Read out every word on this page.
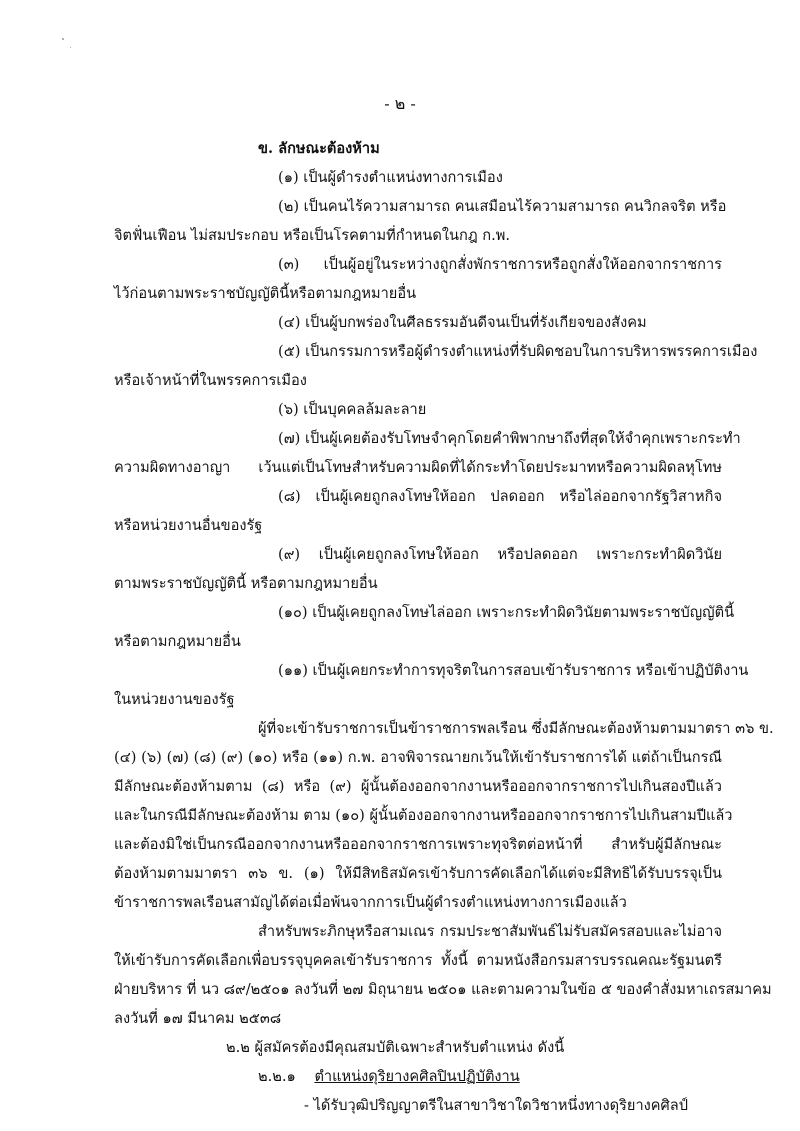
- ๒ -
ข. ลักษณะต้องห้าม
(๑) เป็นผู้ดำรงตำแหน่งทางการเมือง
(๒) เป็นคนไร้ความสามารถ คนเสมือนไร้ความสามารถ คนวิกลจริต หรือ
จิตฟั่นเฟือน ไม่สมประกอบ หรือเป็นโรคตามที่กำหนดในกฎ ก.พ.
(๓) เป็นผู้อยู่ในระหว่างถูกสั่งพักราชการหรือถูกสั่งให้ออกจากราชการ
ไว้ก่อนตามพระราชบัญญัตินี้หรือตามกฎหมายอื่น
(๔) เป็นผู้บกพร่องในศีลธรรมอันดีจนเป็นที่รังเกียจของสังคม
(๕) เป็นกรรมการหรือผู้ดำรงตำแหน่งที่รับผิดชอบในการบริหารพรรคการเมือง
หรือเจ้าหน้าที่ในพรรคการเมือง
(๖) เป็นบุคคลล้มละลาย
(๗) เป็นผู้เคยต้องรับโทษจำคุกโดยคำพิพากษาถึงที่สุดให้จำคุกเพราะกระทำ
ความผิดทางอาญา เว้นแต่เป็นโทษสำหรับความผิดที่ได้กระทำโดยประมาทหรือความผิดลหุโทษ
(๘) เป็นผู้เคยถูกลงโทษให้ออก ปลดออก หรือไล่ออกจากรัฐวิสาหกิจ
หรือหน่วยงานอื่นของรัฐ
(๙) เป็นผู้เคยถูกลงโทษให้ออก หรือปลดออก เพราะกระทำผิดวินัย
ตามพระราชบัญญัตินี้ หรือตามกฎหมายอื่น
(๑๐) เป็นผู้เคยถูกลงโทษไล่ออก เพราะกระทำผิดวินัยตามพระราชบัญญัตินี้
หรือตามกฎหมายอื่น
(๑๑) เป็นผู้เคยกระทำการทุจริตในการสอบเข้ารับราชการ หรือเข้าปฏิบัติงาน
ในหน่วยงานของรัฐ
ผู้ที่จะเข้ารับราชการเป็นข้าราชการพลเรือน ซึ่งมีลักษณะต้องห้ามตามมาตรา ๓๖ ข.
(๔) (๖) (๗) (๘) (๙) (๑๐) หรือ (๑๑) ก.พ. อาจพิจารณายกเว้นให้เข้ารับราชการได้ แต่ถ้าเป็นกรณี
มีลักษณะต้องห้ามตาม (๘) หรือ (๙) ผู้นั้นต้องออกจากงานหรือออกจากราชการไปเกินสองปีแล้ว
และในกรณีมีลักษณะต้องห้าม ตาม (๑๐) ผู้นั้นต้องออกจากงานหรือออกจากราชการไปเกินสามปีแล้ว
และต้องมิใช่เป็นกรณีออกจากงานหรือออกจากราชการเพราะทุจริตต่อหน้าที่ สำหรับผู้มีลักษณะ
ต้องห้ามตามมาตรา ๓๖ ข. (๑) ให้มีสิทธิสมัครเข้ารับการคัดเลือกได้แต่จะมีสิทธิได้รับบรรจุเป็น
ข้าราชการพลเรือนสามัญได้ต่อเมื่อพ้นจากการเป็นผู้ดำรงตำแหน่งทางการเมืองแล้ว
สำหรับพระภิกษุหรือสามเณร กรมประชาสัมพันธ์ไม่รับสมัครสอบและไม่อาจ
ให้เข้ารับการคัดเลือกเพื่อบรรจุบุคคลเข้ารับราชการ ทั้งนี้ ตามหนังสือกรมสารบรรณคณะรัฐมนตรี
ฝ่ายบริหาร ที่ นว ๘๙/๒๕๐๑ ลงวันที่ ๒๗ มิถุนายน ๒๕๐๑ และตามความในข้อ ๕ ของคำสั่งมหาเถรสมาคม
ลงวันที่ ๑๗ มีนาคม ๒๕๓๘
๒.๒ ผู้สมัครต้องมีคุณสมบัติเฉพาะสำหรับตำแหน่ง ดังนี้
๒.๒.๑ ตำแหน่งดุริยางคศิลปินปฏิบัติงาน
- ได้รับวุฒิปริญญาตรีในสาขาวิชาใดวิชาหนึ่งทางดุริยางคศิลป์
